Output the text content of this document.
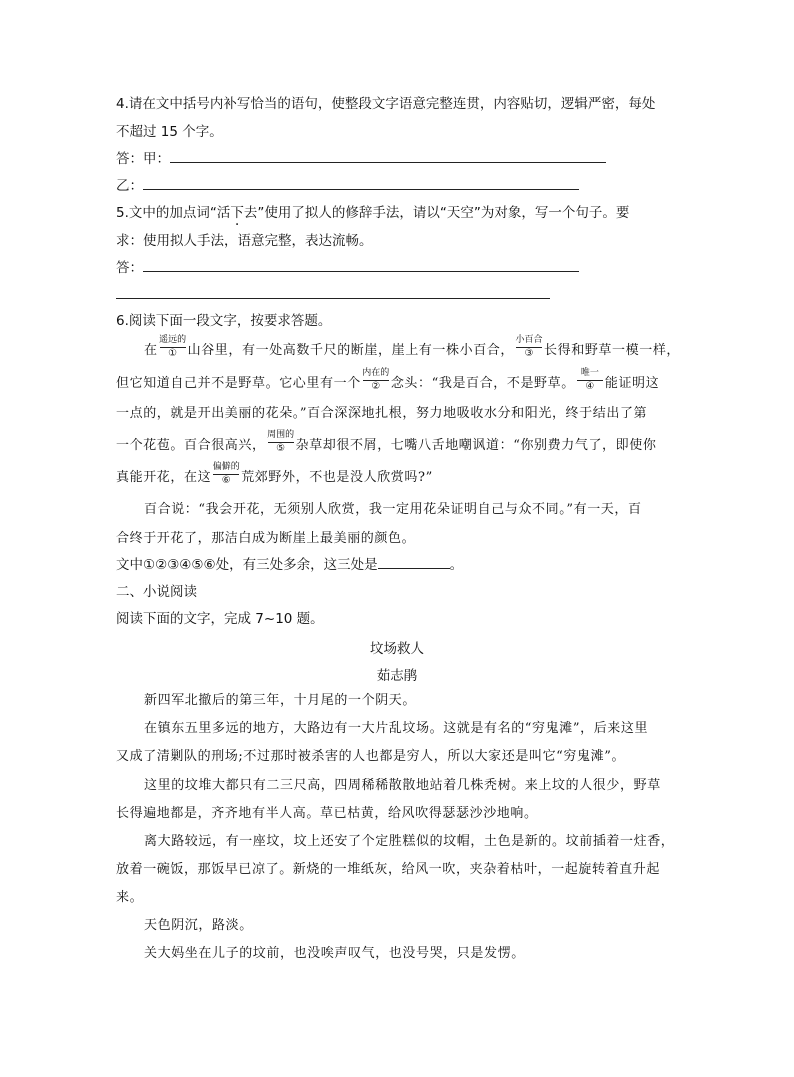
4.请在文中括号内补写恰当的语句，使整段文字语意完整连贯，内容贴切，逻辑严密，每处
不超过 15 个字。
答：甲：
乙：
5.文中的加点词“活下去”使用了拟人的修辞手法，请以“天空”为对象，写一个句子。要
求：使用拟人手法，语意完整，表达流畅。
答：
6.阅读下面一段文字，按要求答题。
在
遥远的
① 山谷里，有一处高数千尺的断崖，崖上有一株小百合，
小百合
③ 长得和野草一模一样，
但它知道自己并不是野草。它心里有一个
内在的
② 念头：“我是百合，不是野草。
唯一
④ 能证明这
一点的，就是开出美丽的花朵。”百合深深地扎根，努力地吸收水分和阳光，终于结出了第
一个花苞。百合很高兴，
周围的
⑤ 杂草却很不屑，七嘴八舌地嘲讽道：“你别费力气了，即使你
真能开花，在这
偏僻的
⑥ 荒郊野外，不也是没人欣赏吗?”
百合说：“我会开花，无须别人欣赏，我一定用花朵证明自己与众不同。”有一天，百
合终于开花了，那洁白成为断崖上最美丽的颜色。
文中①②③④⑤⑥处，有三处多余，这三处是	。
二、小说阅读
阅读下面的文字，完成 7~10 题。
坟场救人
茹志鹃
新四军北撤后的第三年，十月尾的一个阴天。
在镇东五里多远的地方，大路边有一大片乱坟场。这就是有名的“穷鬼滩”，后来这里
又成了清剿队的刑场;不过那时被杀害的人也都是穷人，所以大家还是叫它“穷鬼滩”。
这里的坟堆大都只有二三尺高，四周稀稀散散地站着几株秃树。来上坟的人很少，野草
长得遍地都是，齐齐地有半人高。草已枯黄，给风吹得瑟瑟沙沙地响。
离大路较远，有一座坟，坟上还安了个定胜糕似的坟帽，土色是新的。坟前插着一炷香，
放着一碗饭，那饭早已凉了。新烧的一堆纸灰，给风一吹，夹杂着枯叶，一起旋转着直升起
来。
天色阴沉，路淡。
关大妈坐在儿子的坟前，也没唉声叹气，也没号哭，只是发愣。
